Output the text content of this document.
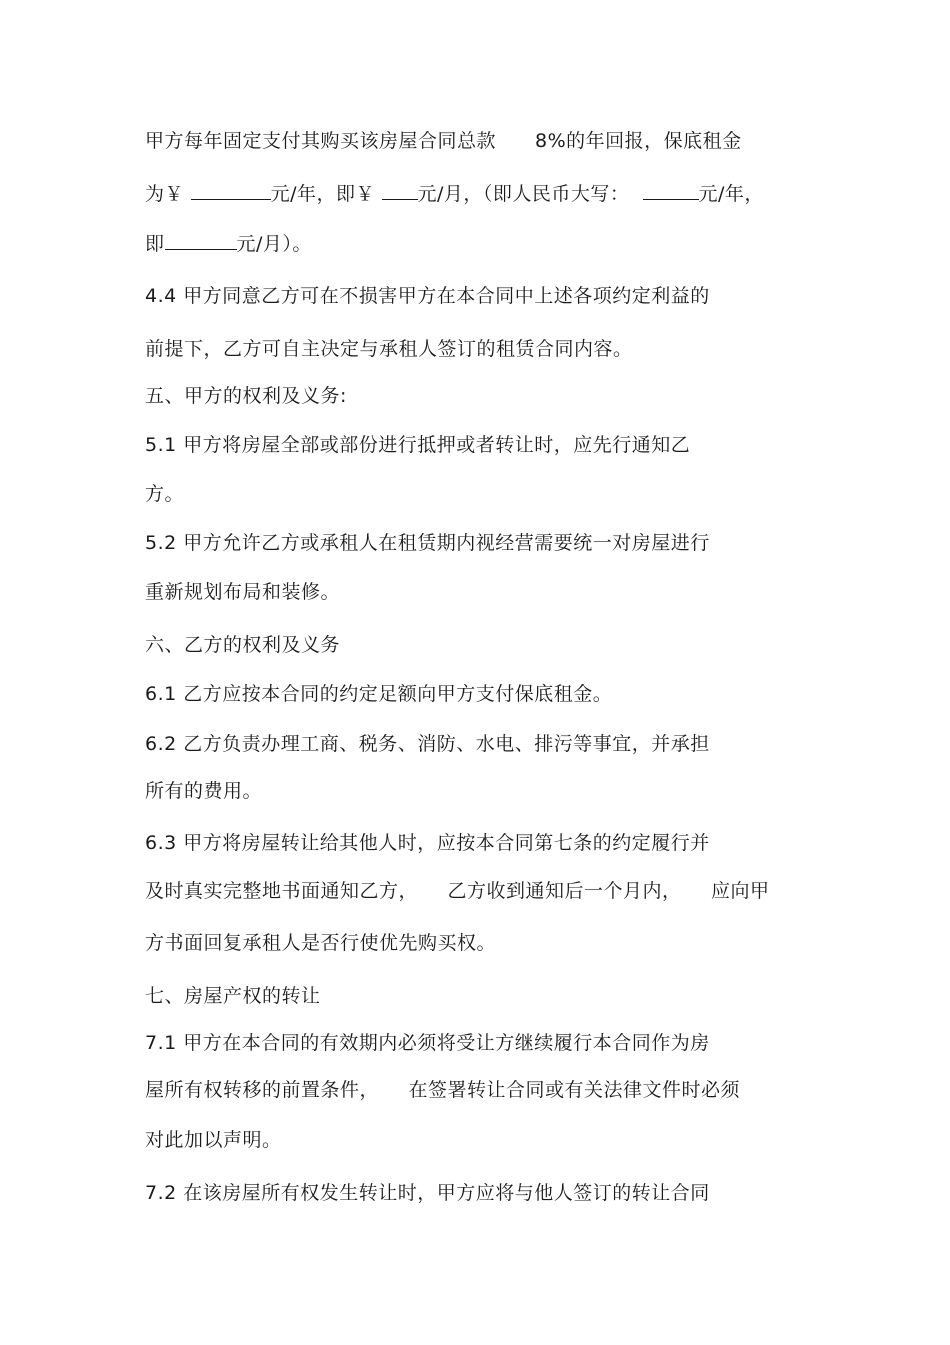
甲方每年固定支付其购买该房屋合同总款　　8%的年回报，保底租金
为￥	元/年，即￥ 元/月，（即人民币大写：	元/年，
即	元/月）。
4.4 甲方同意乙方可在不损害甲方在本合同中上述各项约定利益的
前提下，乙方可自主决定与承租人签订的租赁合同内容。
五、甲方的权利及义务:
5.1 甲方将房屋全部或部份进行抵押或者转让时，应先行通知乙
方。
5.2 甲方允许乙方或承租人在租赁期内视经营需要统一对房屋进行
重新规划布局和装修。
六、乙方的权利及义务
6.1 乙方应按本合同的约定足额向甲方支付保底租金。
6.2 乙方负责办理工商、税务、消防、水电、排污等事宜，并承担
所有的费用。
6.3 甲方将房屋转让给其他人时，应按本合同第七条的约定履行并
及时真实完整地书面通知乙方，　　乙方收到通知后一个月内，　　应向甲
方书面回复承租人是否行使优先购买权。
七、房屋产权的转让
7.1 甲方在本合同的有效期内必须将受让方继续履行本合同作为房
屋所有权转移的前置条件，　　在签署转让合同或有关法律文件时必须
对此加以声明。
7.2 在该房屋所有权发生转让时，甲方应将与他人签订的转让合同
